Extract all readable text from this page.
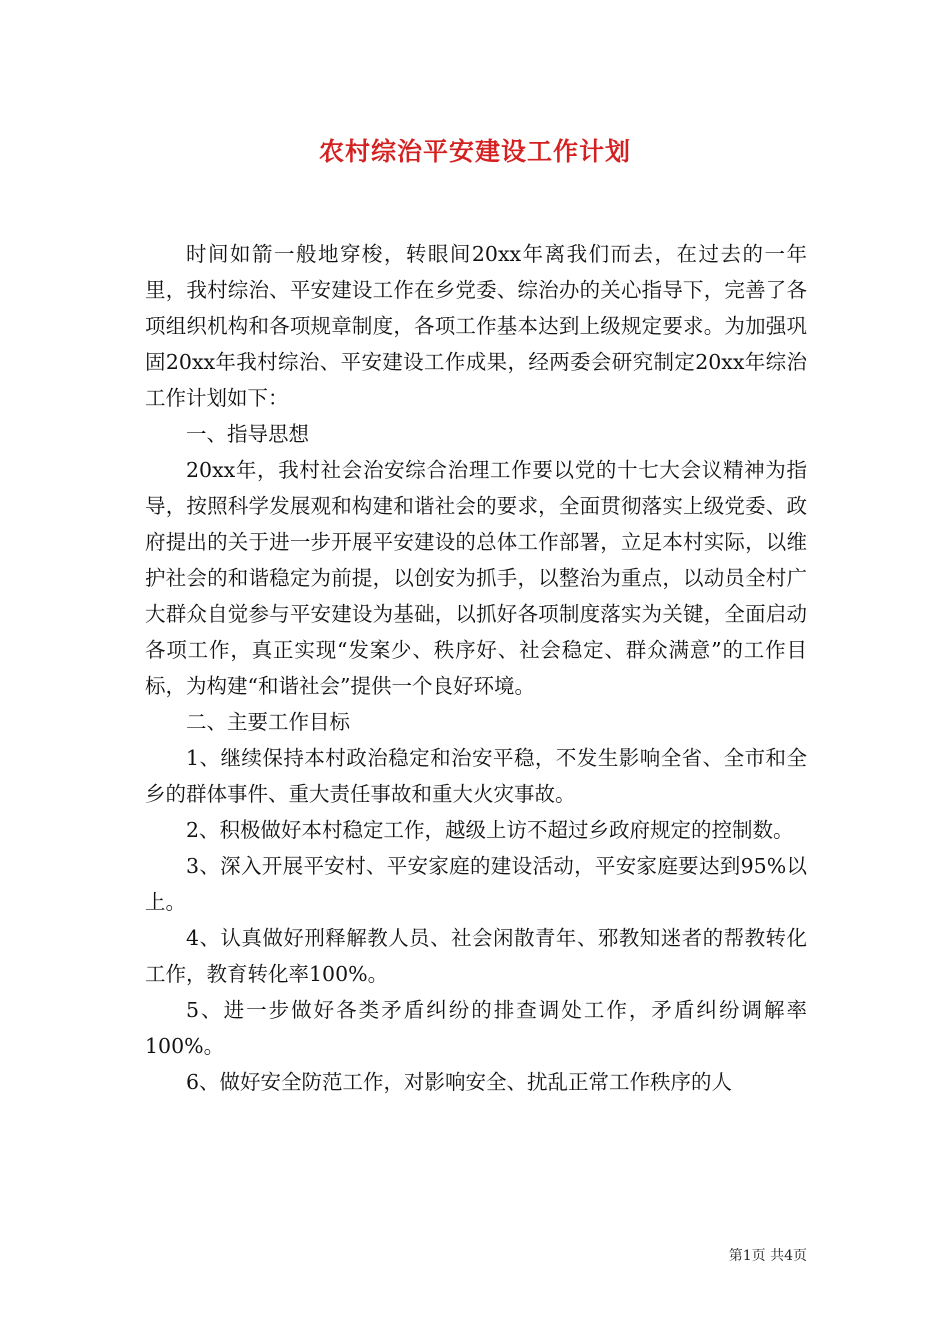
农村综治平安建设工作计划

时间如箭一般地穿梭，转眼间20xx年离我们而去，在过去的一年里，我村综治、平安建设工作在乡党委、综治办的关心指导下，完善了各项组织机构和各项规章制度，各项工作基本达到上级规定要求。为加强巩固20xx年我村综治、平安建设工作成果，经两委会研究制定20xx年综治工作计划如下：

一、指导思想

20xx年，我村社会治安综合治理工作要以党的十七大会议精神为指导，按照科学发展观和构建和谐社会的要求，全面贯彻落实上级党委、政府提出的关于进一步开展平安建设的总体工作部署，立足本村实际，以维护社会的和谐稳定为前提，以创安为抓手，以整治为重点，以动员全村广大群众自觉参与平安建设为基础，以抓好各项制度落实为关键，全面启动各项工作，真正实现“发案少、秩序好、社会稳定、群众满意”的工作目标，为构建“和谐社会”提供一个良好环境。

二、主要工作目标

1、继续保持本村政治稳定和治安平稳，不发生影响全省、全市和全乡的群体事件、重大责任事故和重大火灾事故。

2、积极做好本村稳定工作，越级上访不超过乡政府规定的控制数。

3、深入开展平安村、平安家庭的建设活动，平安家庭要达到95%以上。

4、认真做好刑释解教人员、社会闲散青年、邪教知迷者的帮教转化工作，教育转化率100%。

5、进一步做好各类矛盾纠纷的排查调处工作，矛盾纠纷调解率100%。

6、做好安全防范工作，对影响安全、扰乱正常工作秩序的人

第1页 共4页
